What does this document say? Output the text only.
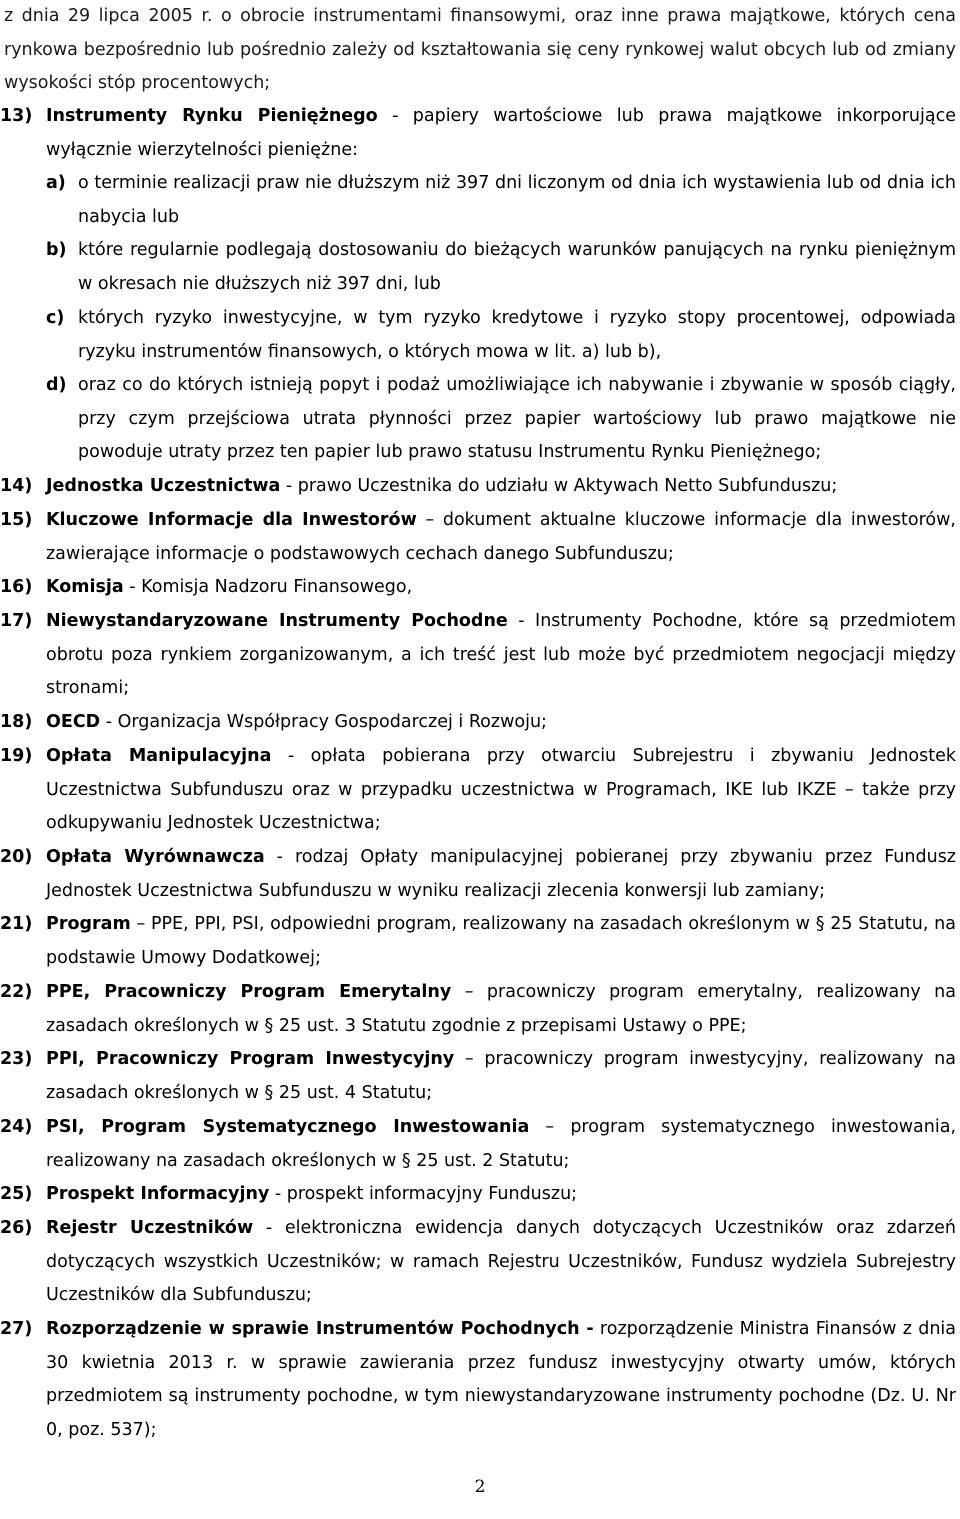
z dnia 29 lipca 2005 r. o obrocie instrumentami finansowymi, oraz inne prawa majątkowe, których cena rynkowa bezpośrednio lub pośrednio zależy od kształtowania się ceny rynkowej walut obcych lub od zmiany wysokości stóp procentowych;
13) Instrumenty Rynku Pieniężnego - papiery wartościowe lub prawa majątkowe inkorporujące wyłącznie wierzytelności pieniężne:
a) o terminie realizacji praw nie dłuższym niż 397 dni liczonym od dnia ich wystawienia lub od dnia ich nabycia lub
b) które regularnie podlegają dostosowaniu do bieżących warunków panujących na rynku pieniężnym w okresach nie dłuższych niż 397 dni, lub
c) których ryzyko inwestycyjne, w tym ryzyko kredytowe i ryzyko stopy procentowej, odpowiada ryzyku instrumentów finansowych, o których mowa w lit. a) lub b),
d) oraz co do których istnieją popyt i podaż umożliwiające ich nabywanie i zbywanie w sposób ciągły, przy czym przejściowa utrata płynności przez papier wartościowy lub prawo majątkowe nie powoduje utraty przez ten papier lub prawo statusu Instrumentu Rynku Pieniężnego;
14) Jednostka Uczestnictwa - prawo Uczestnika do udziału w Aktywach Netto Subfunduszu;
15) Kluczowe Informacje dla Inwestorów – dokument aktualne kluczowe informacje dla inwestorów, zawierające informacje o podstawowych cechach danego Subfunduszu;
16) Komisja - Komisja Nadzoru Finansowego,
17) Niewystandaryzowane Instrumenty Pochodne - Instrumenty Pochodne, które są przedmiotem obrotu poza rynkiem zorganizowanym, a ich treść jest lub może być przedmiotem negocjacji między stronami;
18) OECD - Organizacja Współpracy Gospodarczej i Rozwoju;
19) Opłata Manipulacyjna - opłata pobierana przy otwarciu Subrejestru i zbywaniu Jednostek Uczestnictwa Subfunduszu oraz w przypadku uczestnictwa w Programach, IKE lub IKZE – także przy odkupywaniu Jednostek Uczestnictwa;
20) Opłata Wyrównawcza - rodzaj Opłaty manipulacyjnej pobieranej przy zbywaniu przez Fundusz Jednostek Uczestnictwa Subfunduszu w wyniku realizacji zlecenia konwersji lub zamiany;
21) Program – PPE, PPI, PSI, odpowiedni program, realizowany na zasadach określonym w § 25 Statutu, na podstawie Umowy Dodatkowej;
22) PPE, Pracowniczy Program Emerytalny – pracowniczy program emerytalny, realizowany na zasadach określonych w § 25 ust. 3 Statutu zgodnie z przepisami Ustawy o PPE;
23) PPI, Pracowniczy Program Inwestycyjny – pracowniczy program inwestycyjny, realizowany na zasadach określonych w § 25 ust. 4 Statutu;
24) PSI, Program Systematycznego Inwestowania – program systematycznego inwestowania, realizowany na zasadach określonych w § 25 ust. 2 Statutu;
25) Prospekt Informacyjny - prospekt informacyjny Funduszu;
26) Rejestr Uczestników - elektroniczna ewidencja danych dotyczących Uczestników oraz zdarzeń dotyczących wszystkich Uczestników; w ramach Rejestru Uczestników, Fundusz wydziela Subrejestry Uczestników dla Subfunduszu;
27) Rozporządzenie w sprawie Instrumentów Pochodnych - rozporządzenie Ministra Finansów z dnia 30 kwietnia 2013 r. w sprawie zawierania przez fundusz inwestycyjny otwarty umów, których przedmiotem są instrumenty pochodne, w tym niewystandaryzowane instrumenty pochodne (Dz. U. Nr 0, poz. 537);
2
